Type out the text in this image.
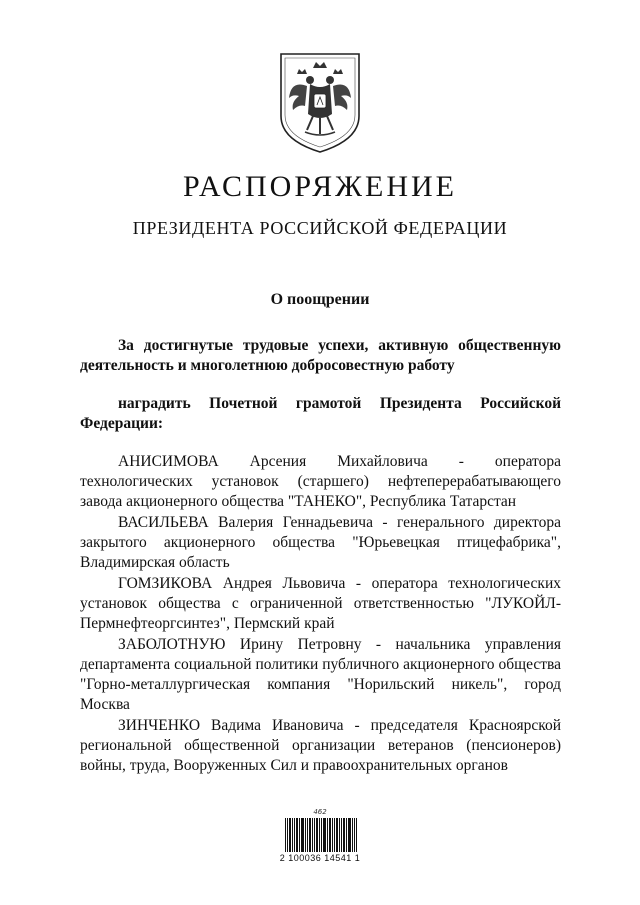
РАСПОРЯЖЕНИЕ
ПРЕЗИДЕНТА РОССИЙСКОЙ ФЕДЕРАЦИИ
О поощрении
За достигнутые трудовые успехи, активную общественную деятельность и многолетнюю добросовестную работу
наградить Почетной грамотой Президента Российской Федерации:
АНИСИМОВА Арсения Михайловича - оператора технологических установок (старшего) нефтеперерабатывающего завода акционерного общества "ТАНЕКО", Республика Татарстан
ВАСИЛЬЕВА Валерия Геннадьевича - генерального директора закрытого акционерного общества "Юрьевецкая птицефабрика", Владимирская область
ГОМЗИКОВА Андрея Львовича - оператора технологических установок общества с ограниченной ответственностью "ЛУКОЙЛ-Пермнефтеоргсинтез", Пермский край
ЗАБОЛОТНУЮ Ирину Петровну - начальника управления департамента социальной политики публичного акционерного общества "Горно-металлургическая компания "Норильский никель", город Москва
ЗИНЧЕНКО Вадима Ивановича - председателя Красноярской региональной общественной организации ветеранов (пенсионеров) войны, труда, Вооруженных Сил и правоохранительных органов
462
2 100036 14541 1
